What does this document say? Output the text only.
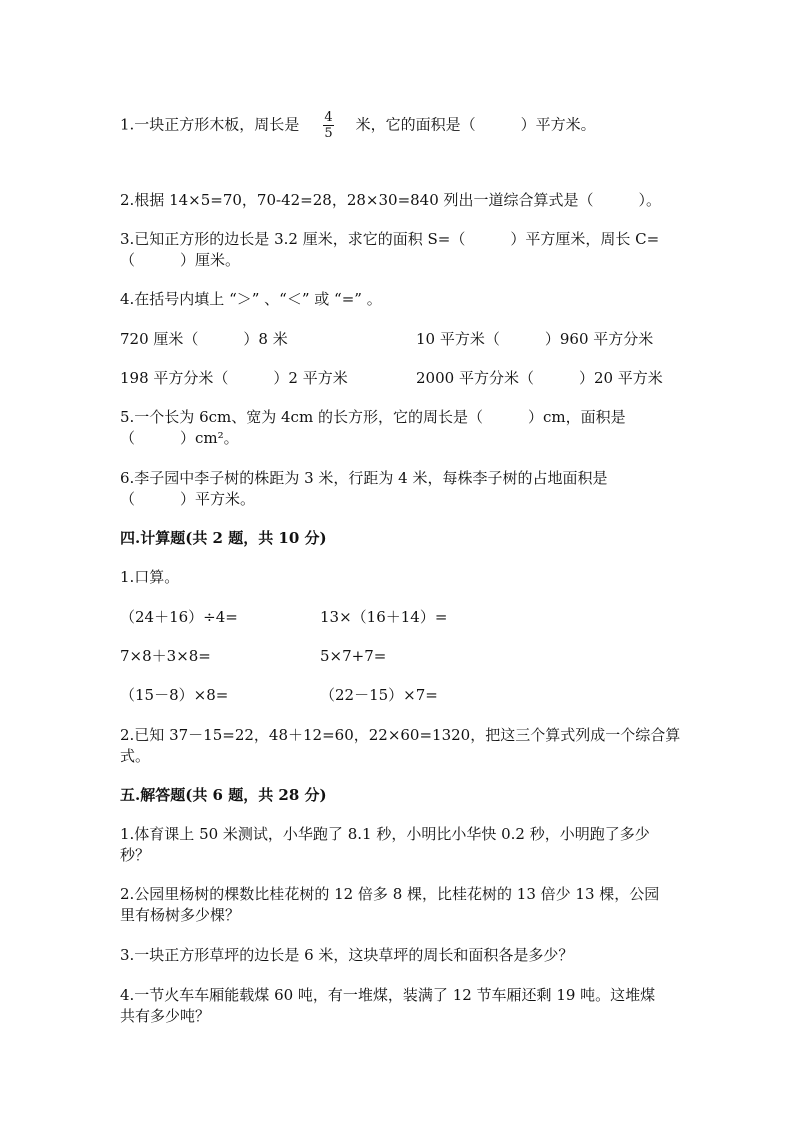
1.一块正方形木板，周长是 $\frac{4}{5}$ 米，它的面积是（　　　）平方米。
2.根据 14×5=70，70-42=28，28×30=840 列出一道综合算式是（　　　）。
3.已知正方形的边长是 3.2 厘米，求它的面积 S=（　　　）平方厘米，周长 C=
（　　　）厘米。
4.在括号内填上 “＞” 、“＜” 或 “=” 。
720 厘米（　　　）8 米	10 平方米（　　　）960 平方分米
198 平方分米（　　　）2 平方米	2000 平方分米（　　　）20 平方米
5.一个长为 6cm、宽为 4cm 的长方形，它的周长是（　　　）cm，面积是
（　　　）cm²。
6.李子园中李子树的株距为 3 米，行距为 4 米，每株李子树的占地面积是
（　　　）平方米。
四.计算题(共 2 题，共 10 分)
1.口算。
（24＋16）÷4=	13×（16＋14）=
7×8＋3×8=	5×7+7=
（15－8）×8=	（22－15）×7=
2.已知 37－15=22，48＋12=60，22×60=1320，把这三个算式列成一个综合算
式。
五.解答题(共 6 题，共 28 分)
1.体育课上 50 米测试，小华跑了 8.1 秒，小明比小华快 0.2 秒，小明跑了多少
秒？
2.公园里杨树的棵数比桂花树的 12 倍多 8 棵，比桂花树的 13 倍少 13 棵，公园
里有杨树多少棵？
3.一块正方形草坪的边长是 6 米，这块草坪的周长和面积各是多少？
4.一节火车车厢能载煤 60 吨，有一堆煤，装满了 12 节车厢还剩 19 吨。这堆煤
共有多少吨？
